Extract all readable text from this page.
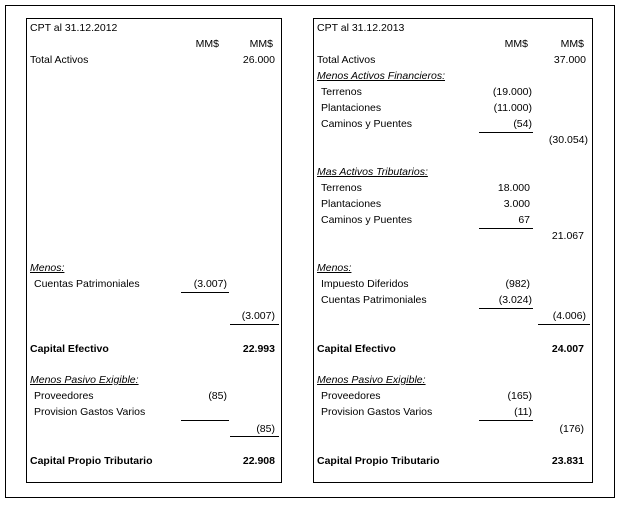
CPT al 31.12.2012
MM$	MM$
Total Activos	26.000
Menos:
Cuentas Patrimoniales	(3.007)
(3.007)
Capital Efectivo	22.993
Menos Pasivo Exigible:
Proveedores	(85)
Provision Gastos Varios
(85)
Capital Propio Tributario	22.908
CPT al 31.12.2013
MM$	MM$
Total Activos	37.000
Menos Activos Financieros:
Terrenos	(19.000)
Plantaciones	(11.000)
Caminos y Puentes	(54)
(30.054)
Mas Activos Tributarios:
Terrenos	18.000
Plantaciones	3.000
Caminos y Puentes	67
21.067
Menos:
Impuesto Diferidos	(982)
Cuentas Patrimoniales	(3.024)
(4.006)
Capital Efectivo	24.007
Menos Pasivo Exigible:
Proveedores	(165)
Provision Gastos Varios	(11)
(176)
Capital Propio Tributario	23.831
